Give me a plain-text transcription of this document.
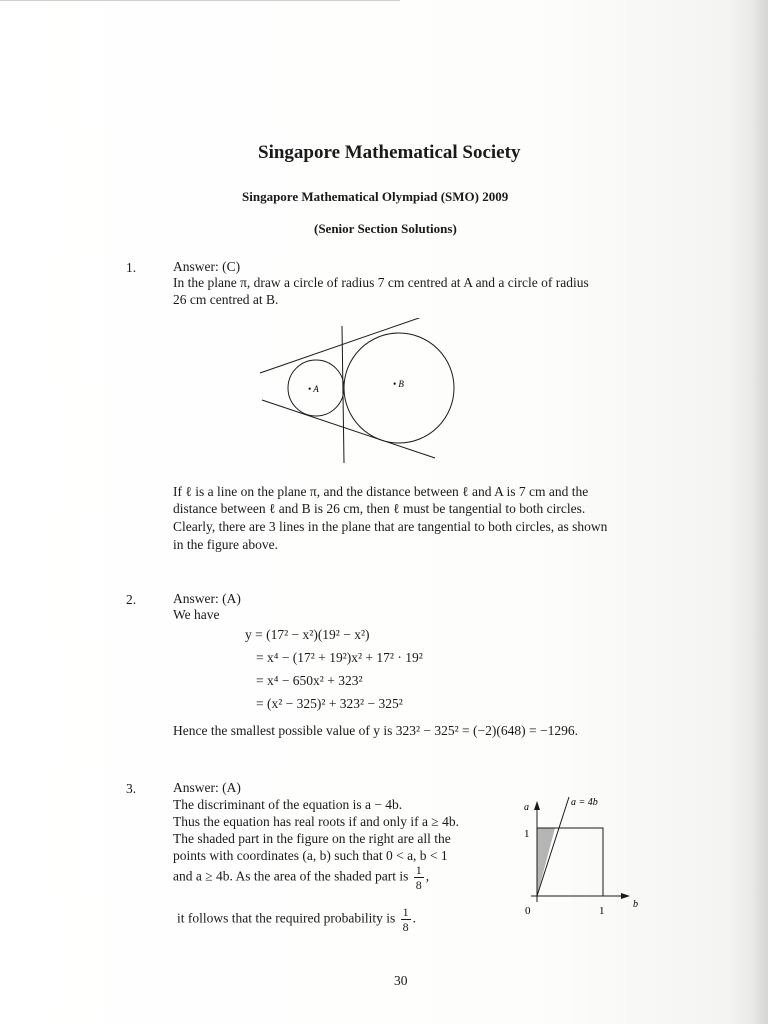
Singapore Mathematical Society
Singapore Mathematical Olympiad (SMO) 2009
(Senior Section Solutions)
1.	Answer: (C)
In the plane π, draw a circle of radius 7 cm centred at A and a circle of radius
26 cm centred at B.
• A	• B
If ℓ is a line on the plane π, and the distance between ℓ and A is 7 cm and the
distance between ℓ and B is 26 cm, then ℓ must be tangential to both circles.
Clearly, there are 3 lines in the plane that are tangential to both circles, as shown
in the figure above.
2.	Answer: (A)
We have
y = (17² − x²)(19² − x²)
= x⁴ − (17² + 19²)x² + 17² · 19²
= x⁴ − 650x² + 323²
= (x² − 325)² + 323² − 325²
Hence the smallest possible value of y is 323² − 325² = (−2)(648) = −1296.
3.	Answer: (A)
The discriminant of the equation is a − 4b.
Thus the equation has real roots if and only if a ≥ 4b.
The shaded part in the figure on the right are all the
points with coordinates (a, b) such that 0 < a, b < 1
and a ≥ 4b. As the area of the shaded part is $\frac{1}{8}$ ,
it follows that the required probability is $\frac{1}{8}$ .
a = 4b
a
b
1
0	1
30
